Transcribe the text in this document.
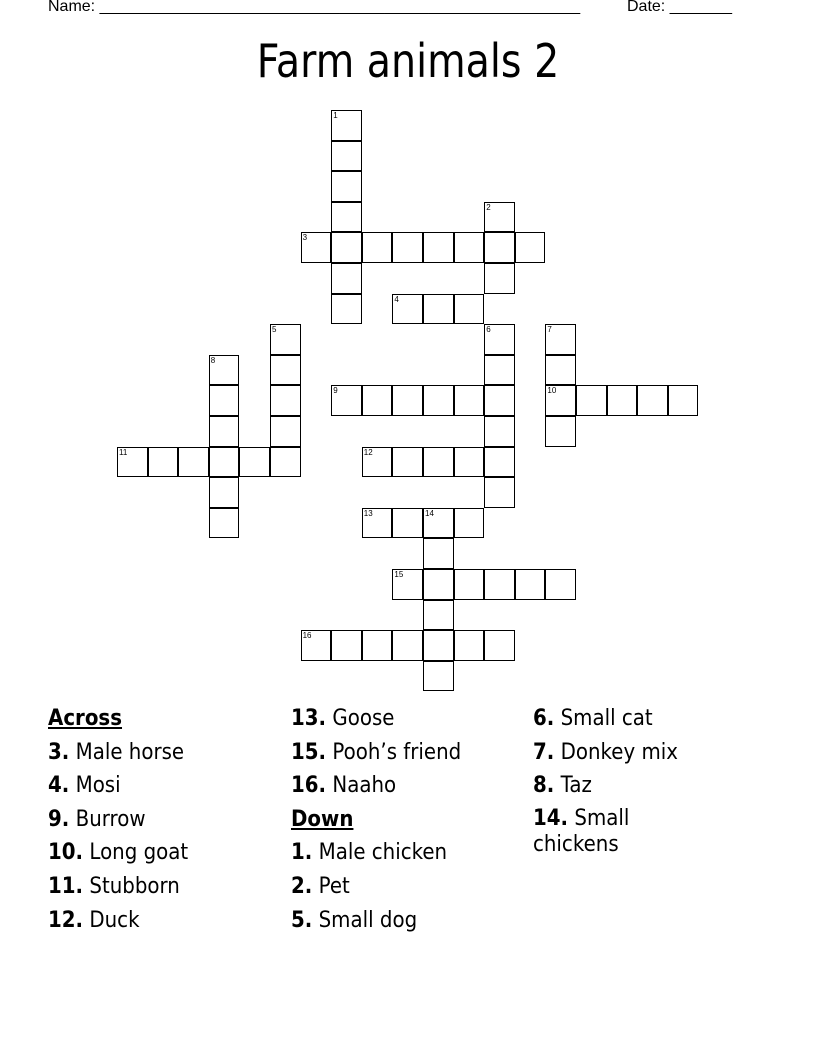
Name: ______________________________________________________	Date: _______
Farm animals 2
1
2
3
4
5	6	7
10
8
9
11	12
13	14
15
16
Across
3. Male horse
4. Mosi
9. Burrow
10. Long goat
11. Stubborn
12. Duck
13. Goose
15. Pooh’s friend
16. Naaho
Down
1. Male chicken
2. Pet
5. Small dog
6. Small cat
7. Donkey mix
8. Taz
14. Small chickens
